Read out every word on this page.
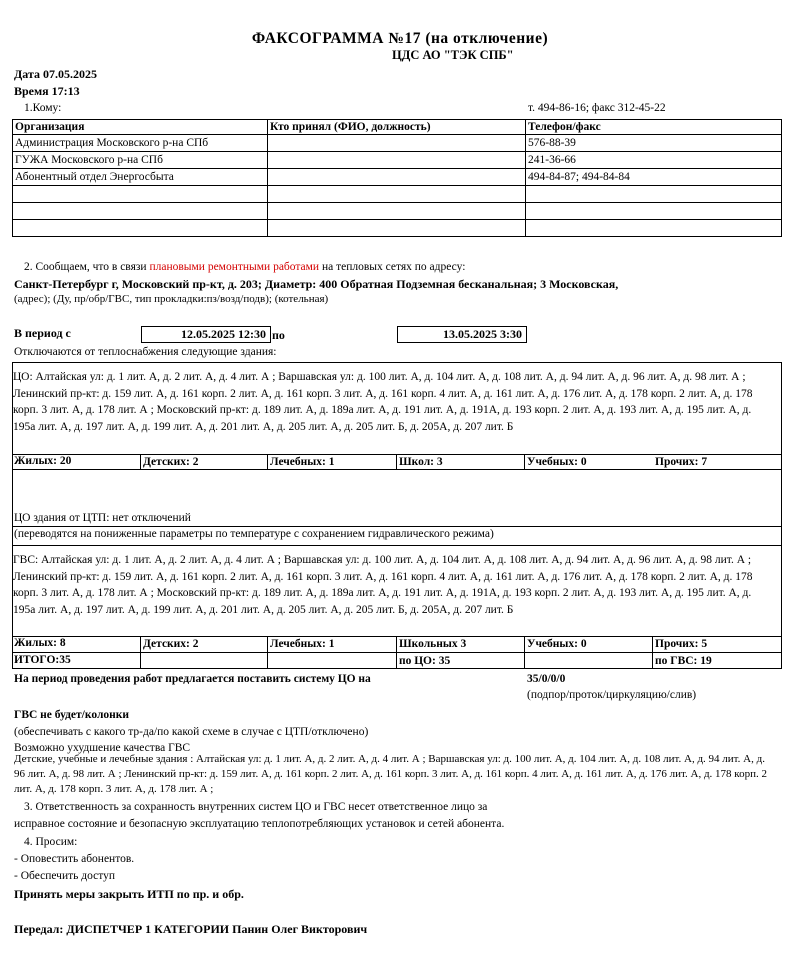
ФАКСОГРАММА №17 (на отключение)
ЦДС АО "ТЭК СПБ"
Дата 07.05.2025
Время 17:13
1.Кому:	т. 494-86-16; факс 312-45-22
Организация	Кто принял (ФИО, должность)	Телефон/факс
Администрация Московского р-на СПб		576-88-39
ГУЖА Московского р-на СПб		241-36-66
Абонентный отдел Энергосбыта		494-84-87; 494-84-84

2. Сообщаем, что в связи плановыми ремонтными работами на тепловых сетях по адресу:
Санкт-Петербург г, Московский пр-кт, д. 203; Диаметр: 400 Обратная Подземная бесканальная; 3 Московская,
(адрес); (Ду, пр/обр/ГВС, тип прокладки:пз/возд/подв); (котельная)
В период с	12.05.2025 12:30 по	13.05.2025 3:30
Отключаются от теплоснабжения следующие здания:
ЦО: Алтайская ул: д. 1 лит. А, д. 2 лит. А, д. 4 лит. А ; Варшавская ул: д. 100 лит. А, д. 104 лит. А, д. 108 лит. А, д. 94 лит. А, д. 96 лит. А, д. 98 лит. А ; Ленинский пр-кт: д. 159 лит. А, д. 161 корп. 2 лит. А, д. 161 корп. 3 лит. А, д. 161 корп. 4 лит. А, д. 161 лит. А, д. 176 лит. А, д. 178 корп. 2 лит. А, д. 178 корп. 3 лит. А, д. 178 лит. А ; Московский пр-кт: д. 189 лит. А, д. 189а лит. А, д. 191 лит. А, д. 191А, д. 193 корп. 2 лит. А, д. 193 лит. А, д. 195 лит. А, д. 195а лит. А, д. 197 лит. А, д. 199 лит. А, д. 201 лит. А, д. 205 лит. А, д. 205 лит. Б, д. 205А, д. 207 лит. Б
Жилых: 20	Детских: 2	Лечебных: 1	Школ: 3	Учебных: 0	Прочих: 7
ЦО здания от ЦТП: нет отключений
(переводятся на пониженные параметры по температуре с сохранением гидравлического режима)
ГВС: Алтайская ул: д. 1 лит. А, д. 2 лит. А, д. 4 лит. А ; Варшавская ул: д. 100 лит. А, д. 104 лит. А, д. 108 лит. А, д. 94 лит. А, д. 96 лит. А, д. 98 лит. А ; Ленинский пр-кт: д. 159 лит. А, д. 161 корп. 2 лит. А, д. 161 корп. 3 лит. А, д. 161 корп. 4 лит. А, д. 161 лит. А, д. 176 лит. А, д. 178 корп. 2 лит. А, д. 178 корп. 3 лит. А, д. 178 лит. А ; Московский пр-кт: д. 189 лит. А, д. 189а лит. А, д. 191 лит. А, д. 191А, д. 193 корп. 2 лит. А, д. 193 лит. А, д. 195 лит. А, д. 195а лит. А, д. 197 лит. А, д. 199 лит. А, д. 201 лит. А, д. 205 лит. А, д. 205 лит. Б, д. 205А, д. 207 лит. Б
Жилых: 8	Детских: 2	Лечебных: 1	Школьных 3	Учебных: 0	Прочих: 5
ИТОГО:35	по ЦО: 35	по ГВС: 19
На период проведения работ предлагается поставить систему ЦО на	35/0/0/0
(подпор/проток/циркуляцию/слив)
ГВС не будет/колонки
(обеспечивать с какого тр-да/по какой схеме в случае с ЦТП/отключено)
Возможно ухудшение качества ГВС
Детские, учебные и лечебные здания : Алтайская ул: д. 1 лит. А, д. 2 лит. А, д. 4 лит. А ; Варшавская ул: д. 100 лит. А, д. 104 лит. А, д. 108 лит. А, д. 94 лит. А, д. 96 лит. А, д. 98 лит. А ; Ленинский пр-кт: д. 159 лит. А, д. 161 корп. 2 лит. А, д. 161 корп. 3 лит. А, д. 161 корп. 4 лит. А, д. 161 лит. А, д. 176 лит. А, д. 178 корп. 2 лит. А, д. 178 корп. 3 лит. А, д. 178 лит. А ;
3. Ответственность за сохранность внутренних систем ЦО и ГВС несет ответственное лицо за
исправное состояние и безопасную эксплуатацию теплопотребляющих установок и сетей абонента.
4. Просим:
- Оповестить абонентов.
- Обеспечить доступ
Принять меры закрыть ИТП по пр. и обр.
Передал: ДИСПЕТЧЕР 1 КАТЕГОРИИ Панин Олег Викторович
